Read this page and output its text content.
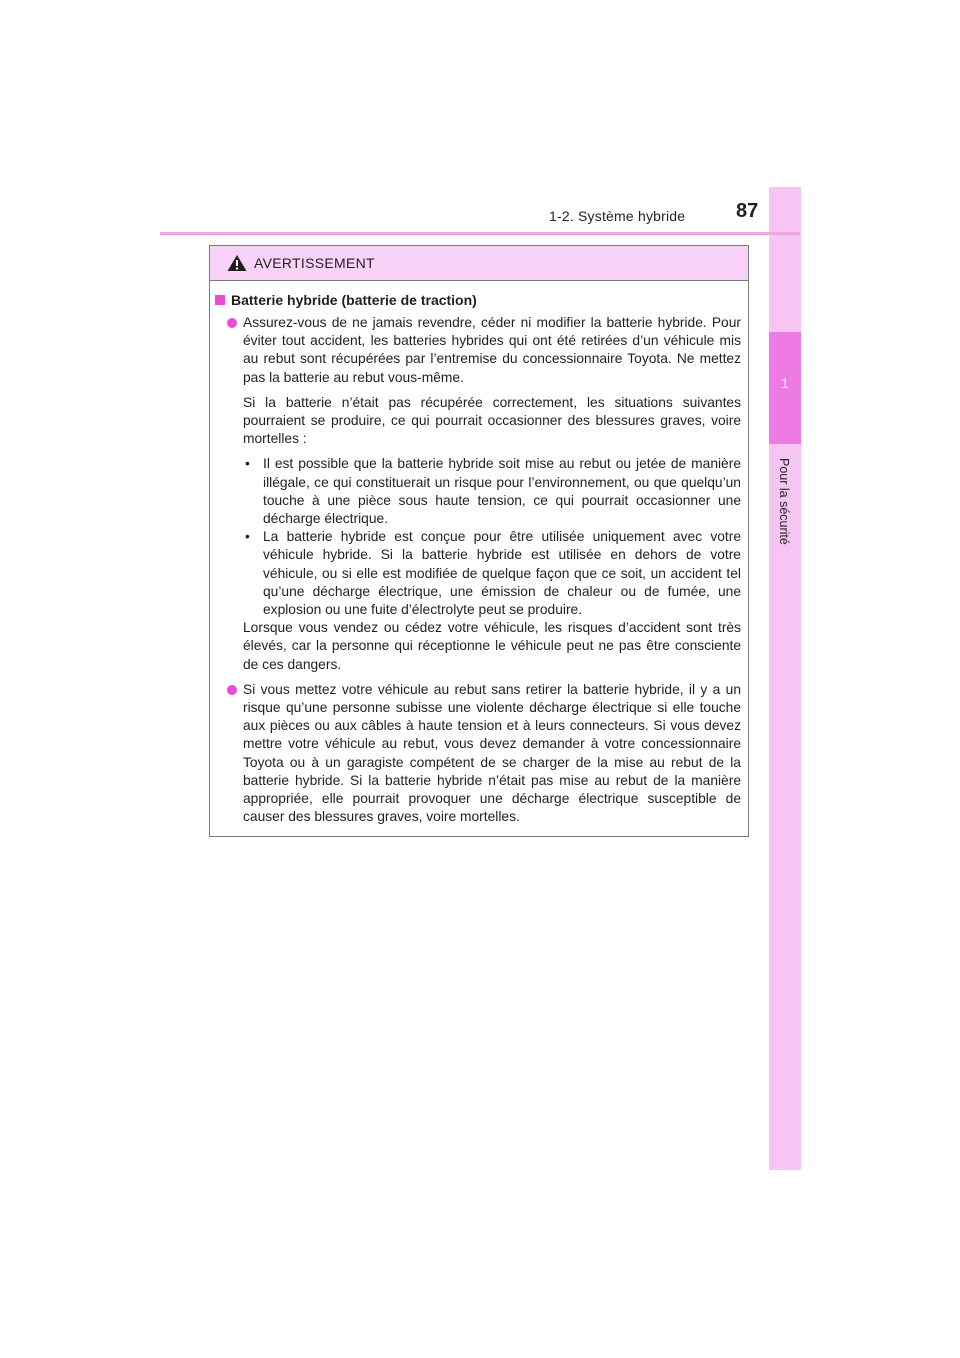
1
Pour la sécurité
1-2. Système hybride	87
AVERTISSEMENT
Batterie hybride (batterie de traction)
Assurez-vous de ne jamais revendre, céder ni modifier la batterie hybride. Pour éviter tout accident, les batteries hybrides qui ont été retirées d’un véhicule mis au rebut sont récupérées par l’entremise du concessionnaire Toyota. Ne mettez pas la batterie au rebut vous-même.
Si la batterie n’était pas récupérée correctement, les situations suivantes pourraient se produire, ce qui pourrait occasionner des blessures graves, voire mortelles :
• Il est possible que la batterie hybride soit mise au rebut ou jetée de manière illégale, ce qui constituerait un risque pour l’environnement, ou que quelqu’un touche à une pièce sous haute tension, ce qui pourrait occasionner une décharge électrique.
• La batterie hybride est conçue pour être utilisée uniquement avec votre véhicule hybride. Si la batterie hybride est utilisée en dehors de votre véhicule, ou si elle est modifiée de quelque façon que ce soit, un accident tel qu’une décharge électrique, une émission de chaleur ou de fumée, une explosion ou une fuite d’électrolyte peut se produire.
Lorsque vous vendez ou cédez votre véhicule, les risques d’accident sont très élevés, car la personne qui réceptionne le véhicule peut ne pas être consciente de ces dangers.
Si vous mettez votre véhicule au rebut sans retirer la batterie hybride, il y a un risque qu’une personne subisse une violente décharge électrique si elle touche aux pièces ou aux câbles à haute tension et à leurs connecteurs. Si vous devez mettre votre véhicule au rebut, vous devez demander à votre concessionnaire Toyota ou à un garagiste compétent de se charger de la mise au rebut de la batterie hybride. Si la batterie hybride n’était pas mise au rebut de la manière appropriée, elle pourrait provoquer une décharge électrique susceptible de causer des blessures graves, voire mortelles.
